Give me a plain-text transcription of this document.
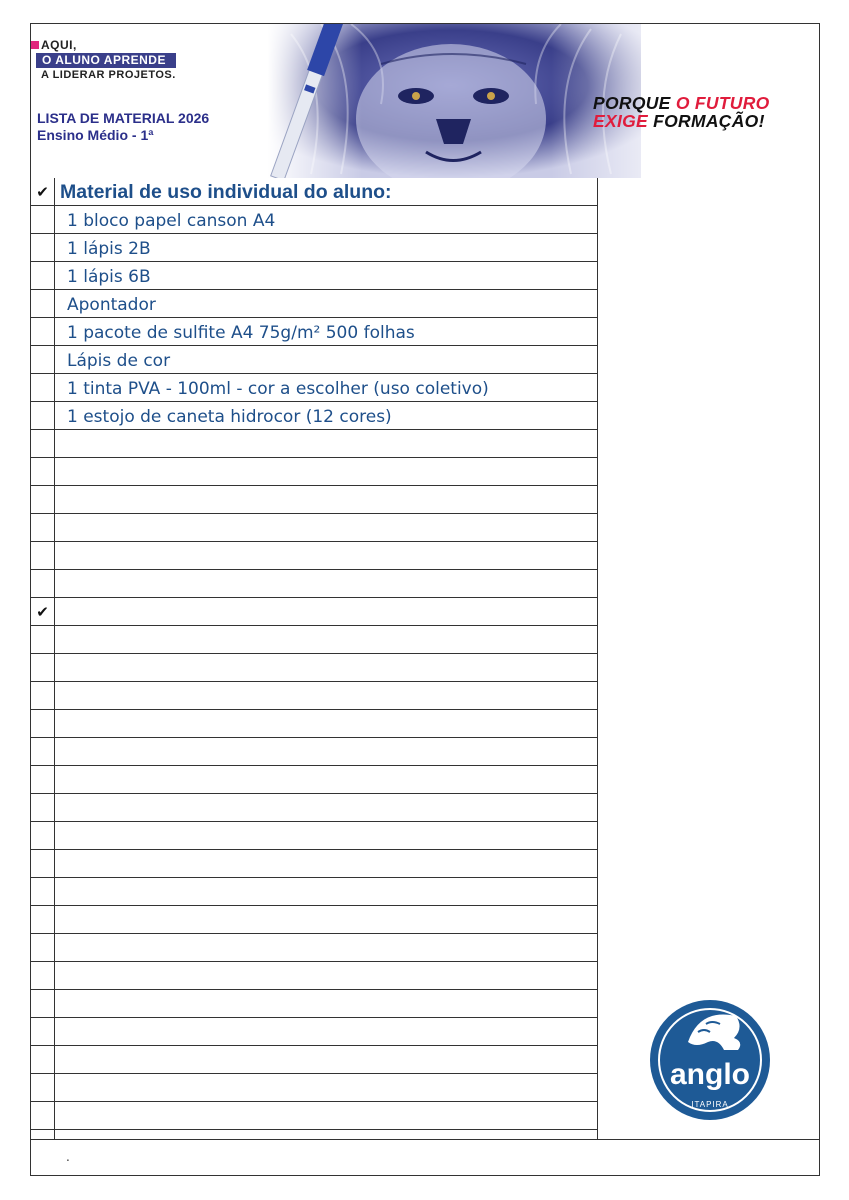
AQUI,
O ALUNO APRENDE
A LIDERAR PROJETOS.
LISTA DE MATERIAL 2026
Ensino Médio - 1ª
PORQUE O FUTURO
EXIGE FORMAÇÃO!
✔ Material de uso individual do aluno:
1 bloco papel canson A4
1 lápis 2B
1 lápis 6B
Apontador
1 pacote de sulfite A4 75g/m² 500 folhas
Lápis de cor
1 tinta PVA - 100ml - cor a escolher (uso coletivo)
1 estojo de caneta hidrocor (12 cores)
✔
.
anglo
ITAPIRA
